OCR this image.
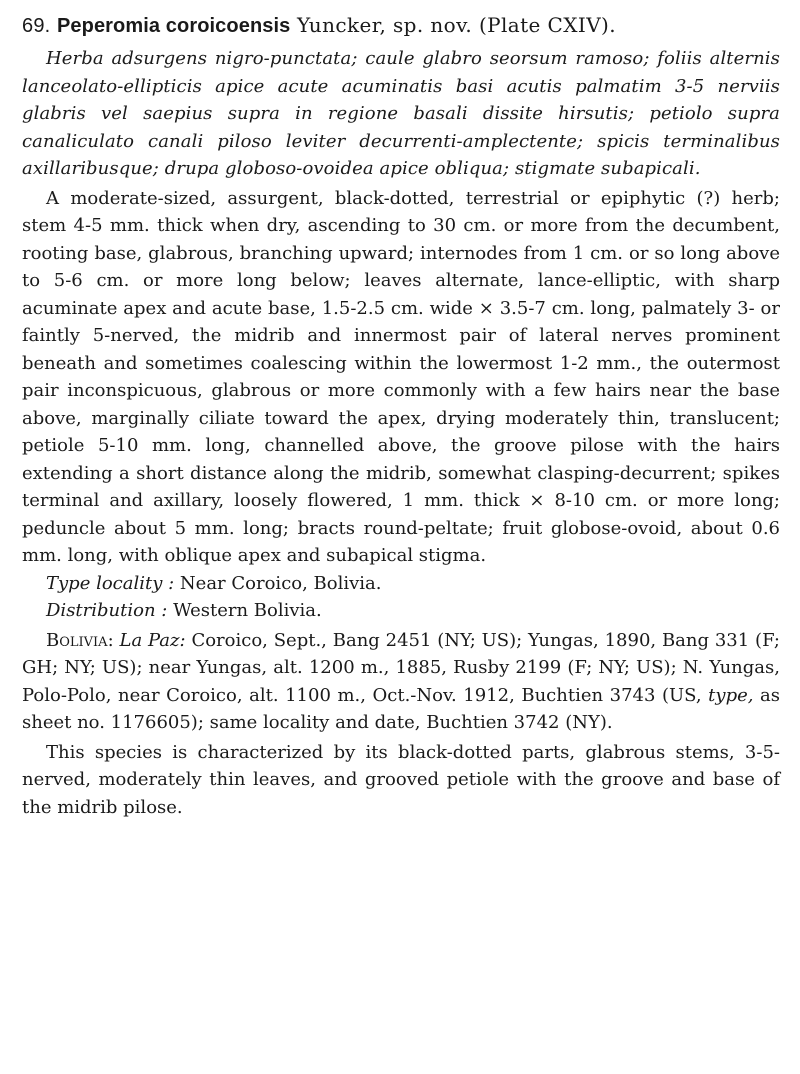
69. Peperomia coroicoensis Yuncker, sp. nov. (Plate CXIV).

Herba adsurgens nigro-punctata; caule glabro seorsum ramoso; foliis alternis lanceolato-ellipticis apice acute acuminatis basi acutis palmatim 3-5 nerviis glabris vel saepius supra in regione basali dissite hirsutis; petiolo supra canaliculato canali piloso leviter decurrenti-amplectente; spicis terminalibus axillaribusque; drupa globoso-ovoidea apice obliqua; stigmate subapicali.

A moderate-sized, assurgent, black-dotted, terrestrial or epiphytic (?) herb; stem 4-5 mm. thick when dry, ascending to 30 cm. or more from the decumbent, rooting base, glabrous, branching upward; internodes from 1 cm. or so long above to 5-6 cm. or more long below; leaves alternate, lance-elliptic, with sharp acuminate apex and acute base, 1.5-2.5 cm. wide × 3.5-7 cm. long, palmately 3- or faintly 5-nerved, the midrib and innermost pair of lateral nerves prominent beneath and sometimes coalescing within the lowermost 1-2 mm., the outermost pair inconspicuous, glabrous or more commonly with a few hairs near the base above, marginally ciliate toward the apex, drying moderately thin, translucent; petiole 5-10 mm. long, channelled above, the groove pilose with the hairs extending a short distance along the midrib, somewhat clasping-decurrent; spikes terminal and axillary, loosely flowered, 1 mm. thick × 8-10 cm. or more long; peduncle about 5 mm. long; bracts round-peltate; fruit globose-ovoid, about 0.6 mm. long, with oblique apex and subapical stigma.

Type locality : Near Coroico, Bolivia.

Distribution : Western Bolivia.

Bolivia: La Paz: Coroico, Sept., Bang 2451 (NY; US); Yungas, 1890, Bang 331 (F; GH; NY; US); near Yungas, alt. 1200 m., 1885, Rusby 2199 (F; NY; US); N. Yungas, Polo-Polo, near Coroico, alt. 1100 m., Oct.-Nov. 1912, Buchtien 3743 (US, type, as sheet no. 1176605); same locality and date, Buchtien 3742 (NY).

This species is characterized by its black-dotted parts, glabrous stems, 3-5-nerved, moderately thin leaves, and grooved petiole with the groove and base of the midrib pilose.
